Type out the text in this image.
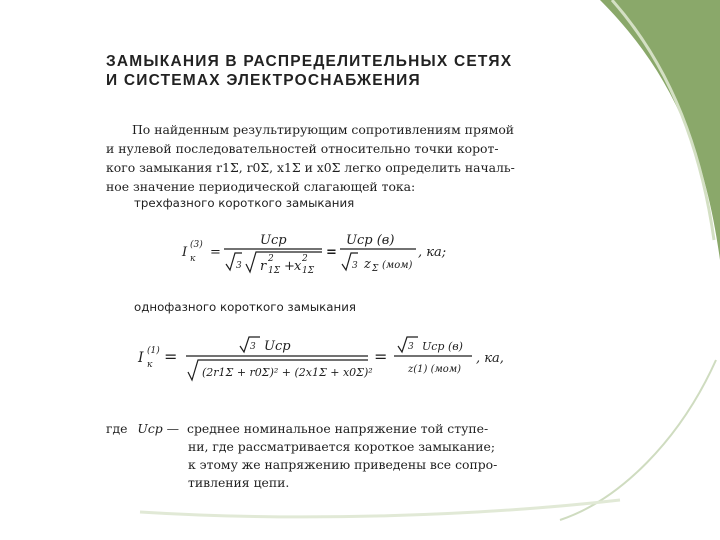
ЗАМЫКАНИЯ В РАСПРЕДЕЛИТЕЛЬНЫХ СЕТЯХ
И СИСТЕМАХ ЭЛЕКТРОСНАБЖЕНИЯ

По найденным результирующим сопротивлениям прямой
и нулевой последовательностей относительно точки корот-
кого замыкания r1Σ, r0Σ, x1Σ и x0Σ легко определить началь-
ное значение периодической слагающей тока:

трехфазного короткого замыкания

I к
(3) =
Uср
3 r 1Σ
2 + x 1Σ
2 =
Uср (в)
3 z Σ (мом)
, ка;

однофазного короткого замыкания

I к
(1) =	3 Uср
(2r1Σ + r0Σ)² + (2x1Σ + x0Σ)²
= 3 Uср (в)
z(1) (мом)
, ка,
где Uср — среднее номинальное напряжение той ступе-
ни, где рассматривается короткое замыкание;
к этому же напряжению приведены все сопро-
тивления цепи.
